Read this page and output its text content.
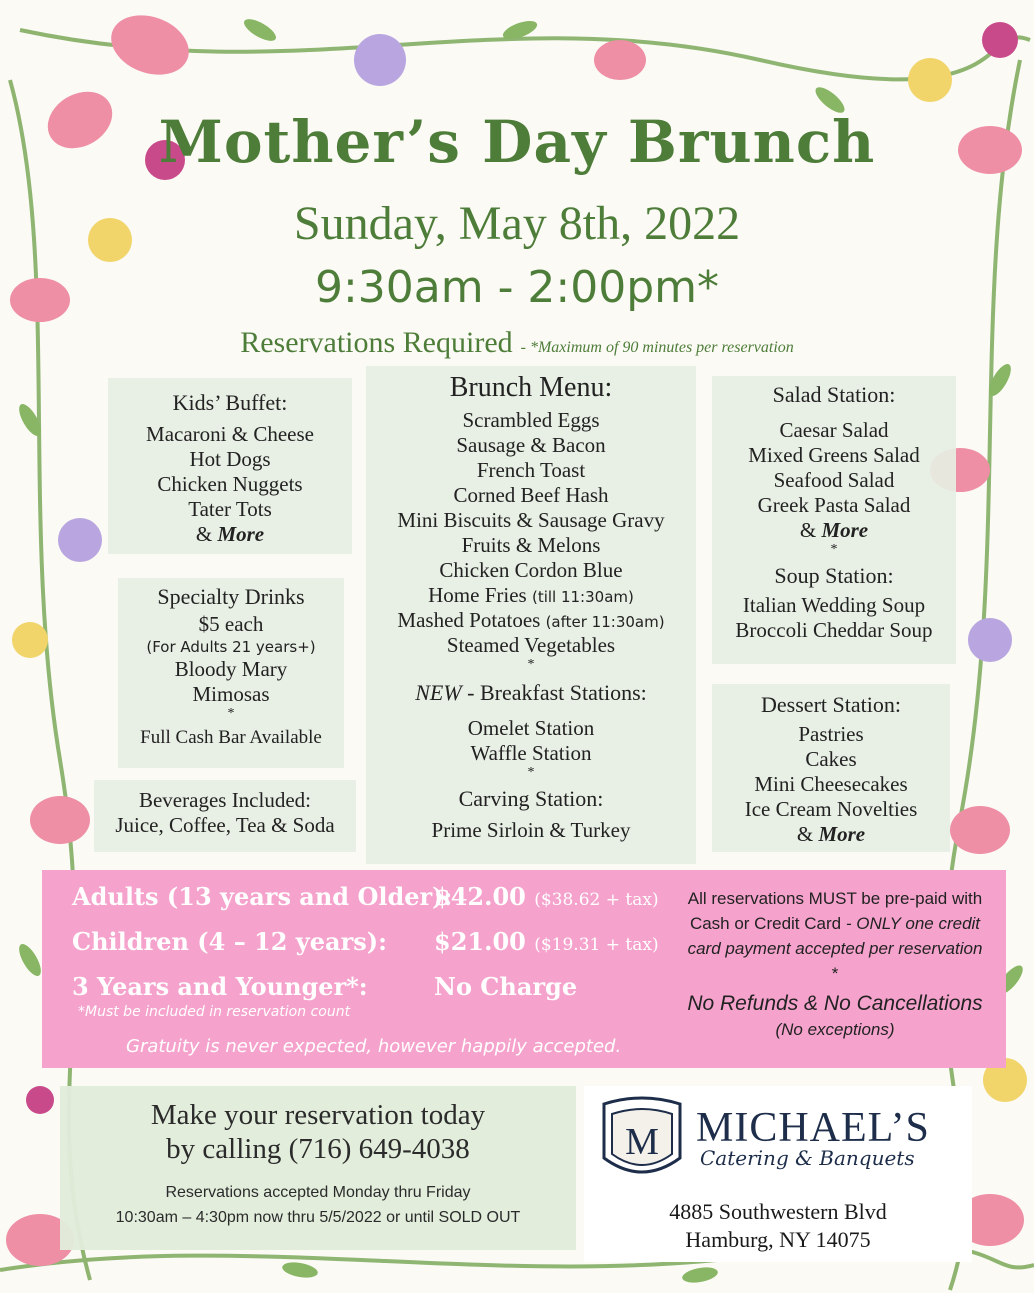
Mother’s Day Brunch
Sunday, May 8th, 2022
9:30am - 2:00pm*
Reservations Required - *Maximum of 90 minutes per reservation
Kids’ Buffet:
Macaroni & Cheese
Hot Dogs
Chicken Nuggets
Tater Tots
& More
Specialty Drinks
$5 each
(For Adults 21 years+)
Bloody Mary
Mimosas
*
Full Cash Bar Available
Beverages Included:
Juice, Coffee, Tea & Soda
Brunch Menu:
Scrambled Eggs
Sausage & Bacon
French Toast
Corned Beef Hash
Mini Biscuits & Sausage Gravy
Fruits & Melons
Chicken Cordon Blue
Home Fries (till 11:30am)
Mashed Potatoes (after 11:30am)
Steamed Vegetables
*
NEW - Breakfast Stations:
Omelet Station
Waffle Station
*
Carving Station:
Prime Sirloin & Turkey
Salad Station:
Caesar Salad
Mixed Greens Salad
Seafood Salad
Greek Pasta Salad
& More
*
Soup Station:
Italian Wedding Soup
Broccoli Cheddar Soup
Dessert Station:
Pastries
Cakes
Mini Cheesecakes
Ice Cream Novelties
& More
Adults (13 years and Older):
$42.00 ($38.62 + tax)
Children (4 – 12 years): $21.00 ($19.31 + tax)
3 Years and Younger*:	No Charge
*Must be included in reservation count
Gratuity is never expected, however happily accepted.
All reservations MUST be pre-paid with
Cash or Credit Card - ONLY one credit
card payment accepted per reservation
*
No Refunds & No Cancellations
(No exceptions)
Make your reservation today
by calling (716) 649-4038
Reservations accepted Monday thru Friday
10:30am – 4:30pm now thru 5/5/2022 or until SOLD OUT
M MICHAEL’S
Catering & Banquets
4885 Southwestern Blvd
Hamburg, NY 14075
